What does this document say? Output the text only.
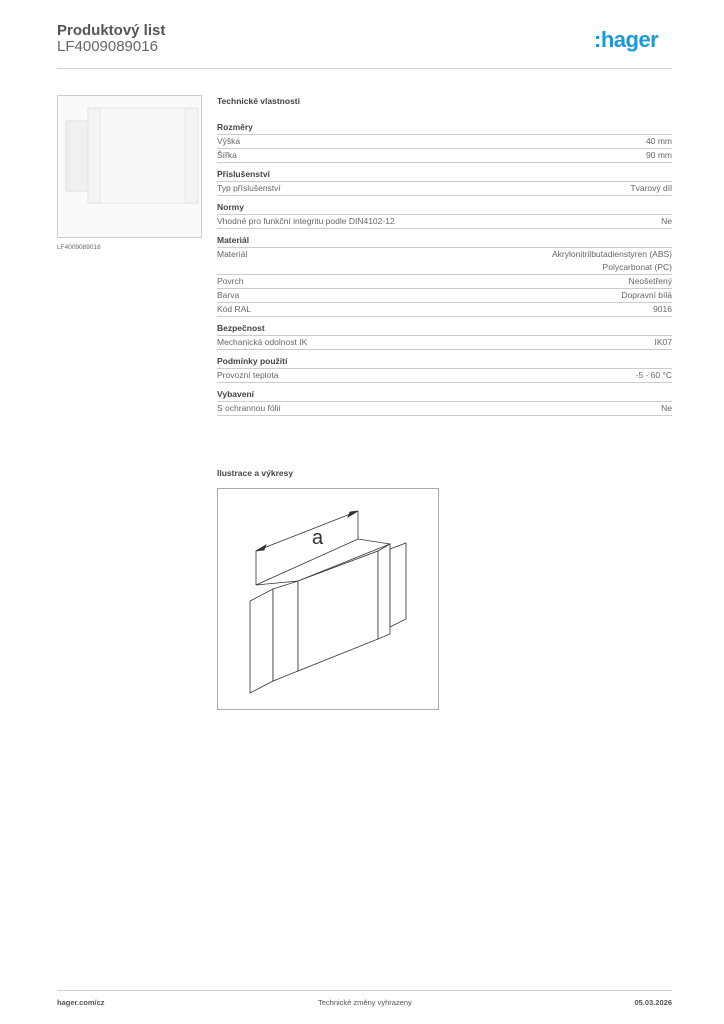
Produktový list
LF4009089016	:hager
LF4009089016
Technické vlastnosti
Rozměry
Výška	40 mm
Šířka	90 mm
Příslušenství
Typ příslušenství	Tvarový díl
Normy
Vhodné pro funkční integritu podle DIN4102-12	Ne
Materiál
Materiál	Akrylonitrilbutadienstyren (ABS)
Polycarbonat (PC)
Povrch	Neošetřený
Barva	Dopravní bílá
Kód RAL	9016
Bezpečnost
Mechanická odolnost IK	IK07
Podmínky použití
Provozní teplota	-5 - 60 °C
Vybavení
S ochrannou fólií	Ne
Ilustrace a výkresy
a
hager.com/cz	Technické změny vyhrazeny	05.03.2026
